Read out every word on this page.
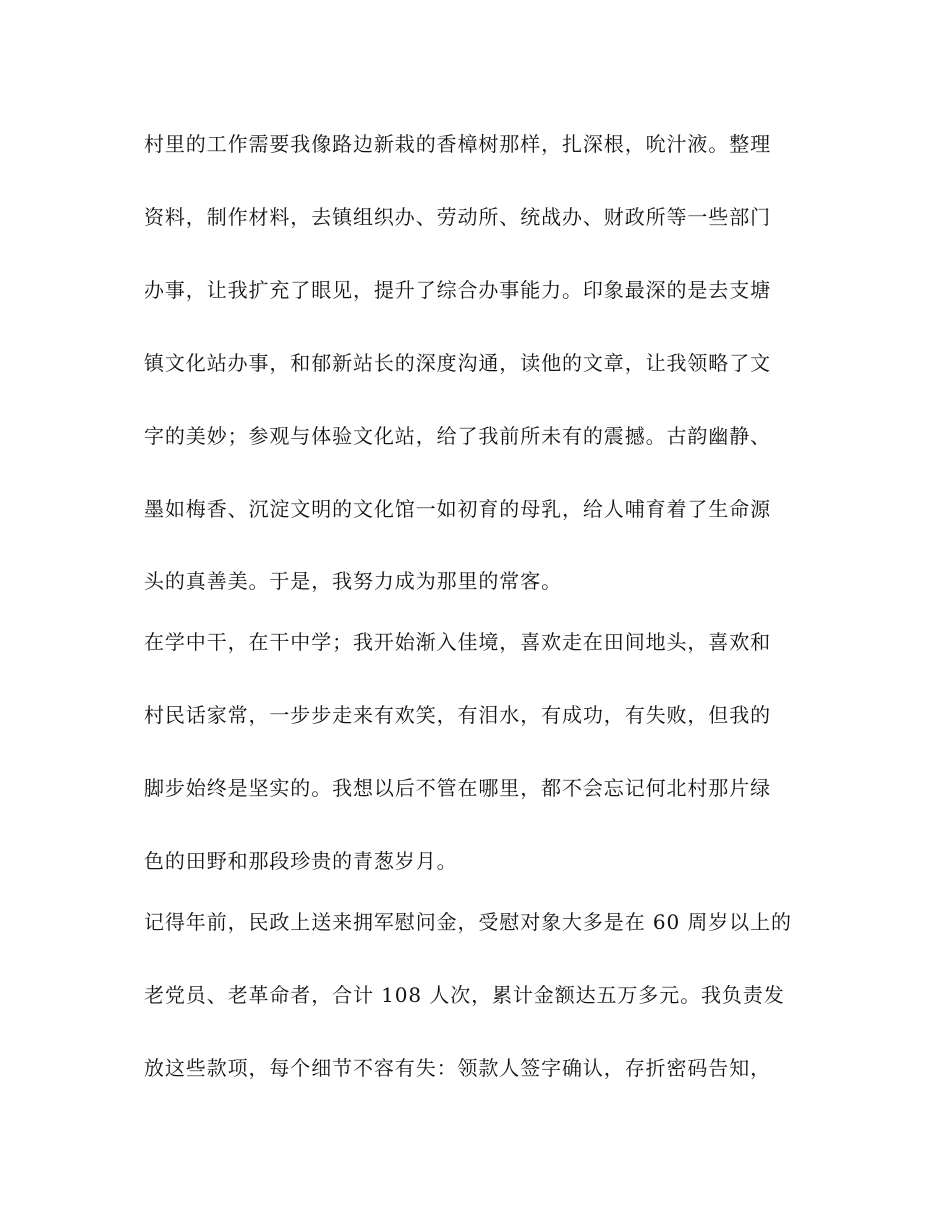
村里的工作需要我像路边新栽的香樟树那样，扎深根，吮汁液。整理

资料，制作材料，去镇组织办、劳动所、统战办、财政所等一些部门

办事，让我扩充了眼见，提升了综合办事能力。印象最深的是去支塘

镇文化站办事，和郁新站长的深度沟通，读他的文章，让我领略了文

字的美妙；参观与体验文化站，给了我前所未有的震撼。古韵幽静、

墨如梅香、沉淀文明的文化馆一如初育的母乳，给人哺育着了生命源

头的真善美。于是，我努力成为那里的常客。

在学中干，在干中学；我开始渐入佳境，喜欢走在田间地头，喜欢和

村民话家常，一步步走来有欢笑，有泪水，有成功，有失败，但我的

脚步始终是坚实的。我想以后不管在哪里，都不会忘记何北村那片绿

色的田野和那段珍贵的青葱岁月。

记得年前，民政上送来拥军慰问金，受慰对象大多是在 60 周岁以上的

老党员、老革命者，合计 108 人次，累计金额达五万多元。我负责发

放这些款项，每个细节不容有失：领款人签字确认，存折密码告知，
